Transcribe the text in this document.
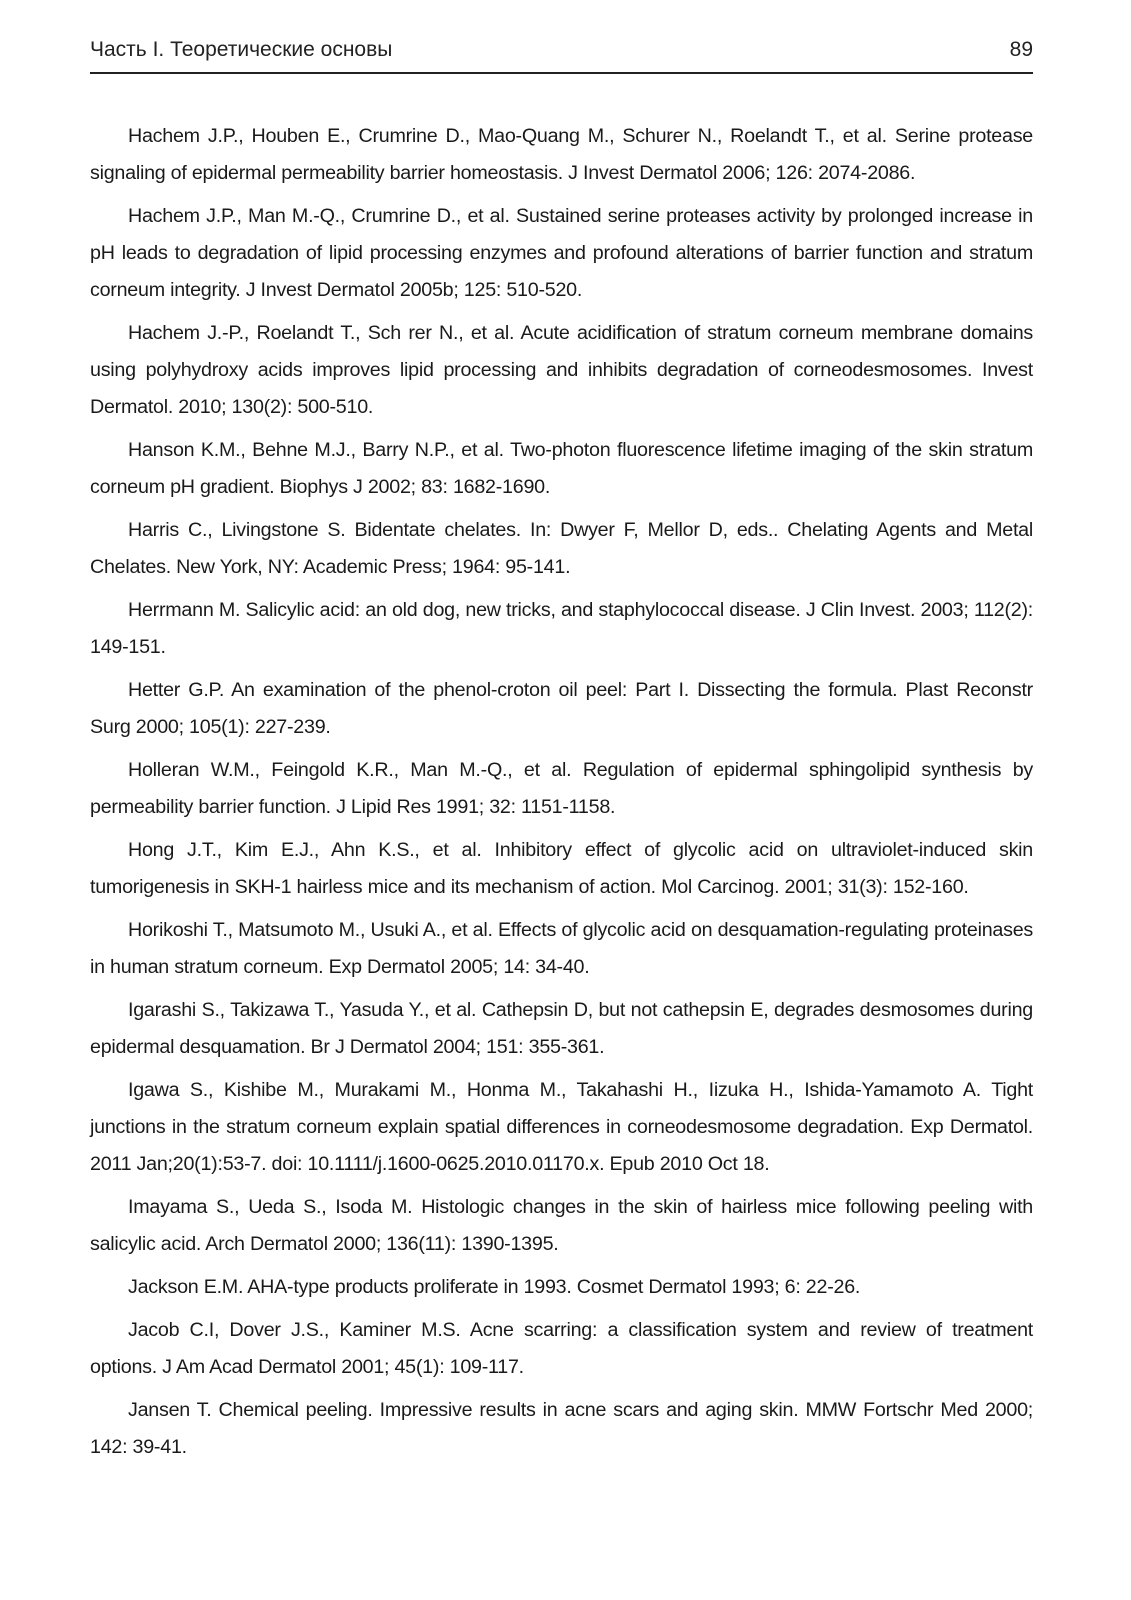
Часть I. Теоретические основы	89

Hachem J.P., Houben E., Crumrine D., Mao-Quang M., Schurer N., Roelandt T., et al. Serine protease signaling of epidermal permeability barrier homeostasis. J Invest Dermatol 2006; 126: 2074-2086.

Hachem J.P., Man M.-Q., Crumrine D., et al. Sustained serine proteases activity by prolonged increase in pH leads to degradation of lipid processing enzymes and profound alterations of barrier function and stratum corneum integrity. J Invest Dermatol 2005b; 125: 510-520.

Hachem J.-P., Roelandt T., Sch rer N., et al. Acute acidification of stratum corneum membrane domains using polyhydroxy acids improves lipid processing and inhibits degradation of corneodesmosomes. Invest Dermatol. 2010; 130(2): 500-510.

Hanson K.M., Behne M.J., Barry N.P., et al. Two-photon fluorescence lifetime imaging of the skin stratum corneum pH gradient. Biophys J 2002; 83: 1682-1690.

Harris C., Livingstone S. Bidentate chelates. In: Dwyer F, Mellor D, eds.. Chelating Agents and Metal Chelates. New York, NY: Academic Press; 1964: 95-141.

Herrmann M. Salicylic acid: an old dog, new tricks, and staphylococcal disease. J Clin Invest. 2003; 112(2): 149-151.

Hetter G.P. An examination of the phenol-croton oil peel: Part I. Dissecting the formula. Plast Reconstr Surg 2000; 105(1): 227-239.

Holleran W.M., Feingold K.R., Man M.-Q., et al. Regulation of epidermal sphingolipid synthesis by permeability barrier function. J Lipid Res 1991; 32: 1151-1158.

Hong J.T., Kim E.J., Ahn K.S., et al. Inhibitory effect of glycolic acid on ultraviolet-induced skin tumorigenesis in SKH-1 hairless mice and its mechanism of action. Mol Carcinog. 2001; 31(3): 152-160.

Horikoshi T., Matsumoto M., Usuki A., et al. Effects of glycolic acid on desquamation-regulating proteinases in human stratum corneum. Exp Dermatol 2005; 14: 34-40.

Igarashi S., Takizawa T., Yasuda Y., et al. Cathepsin D, but not cathepsin E, degrades desmosomes during epidermal desquamation. Br J Dermatol 2004; 151: 355-361.

Igawa S., Kishibe M., Murakami M., Honma M., Takahashi H., Iizuka H., Ishida-Yamamoto A. Tight junctions in the stratum corneum explain spatial differences in corneodesmosome degradation. Exp Dermatol. 2011 Jan;20(1):53-7. doi: 10.1111/j.1600-0625.2010.01170.x. Epub 2010 Oct 18.

Imayama S., Ueda S., Isoda M. Histologic changes in the skin of hairless mice following peeling with salicylic acid. Arch Dermatol 2000; 136(11): 1390-1395.

Jackson E.M. AHA-type products proliferate in 1993. Cosmet Dermatol 1993; 6: 22-26.

Jacob C.I, Dover J.S., Kaminer M.S. Acne scarring: a classification system and review of treatment options. J Am Acad Dermatol 2001; 45(1): 109-117.

Jansen T. Chemical peeling. Impressive results in acne scars and aging skin. MMW Fortschr Med 2000; 142: 39-41.
